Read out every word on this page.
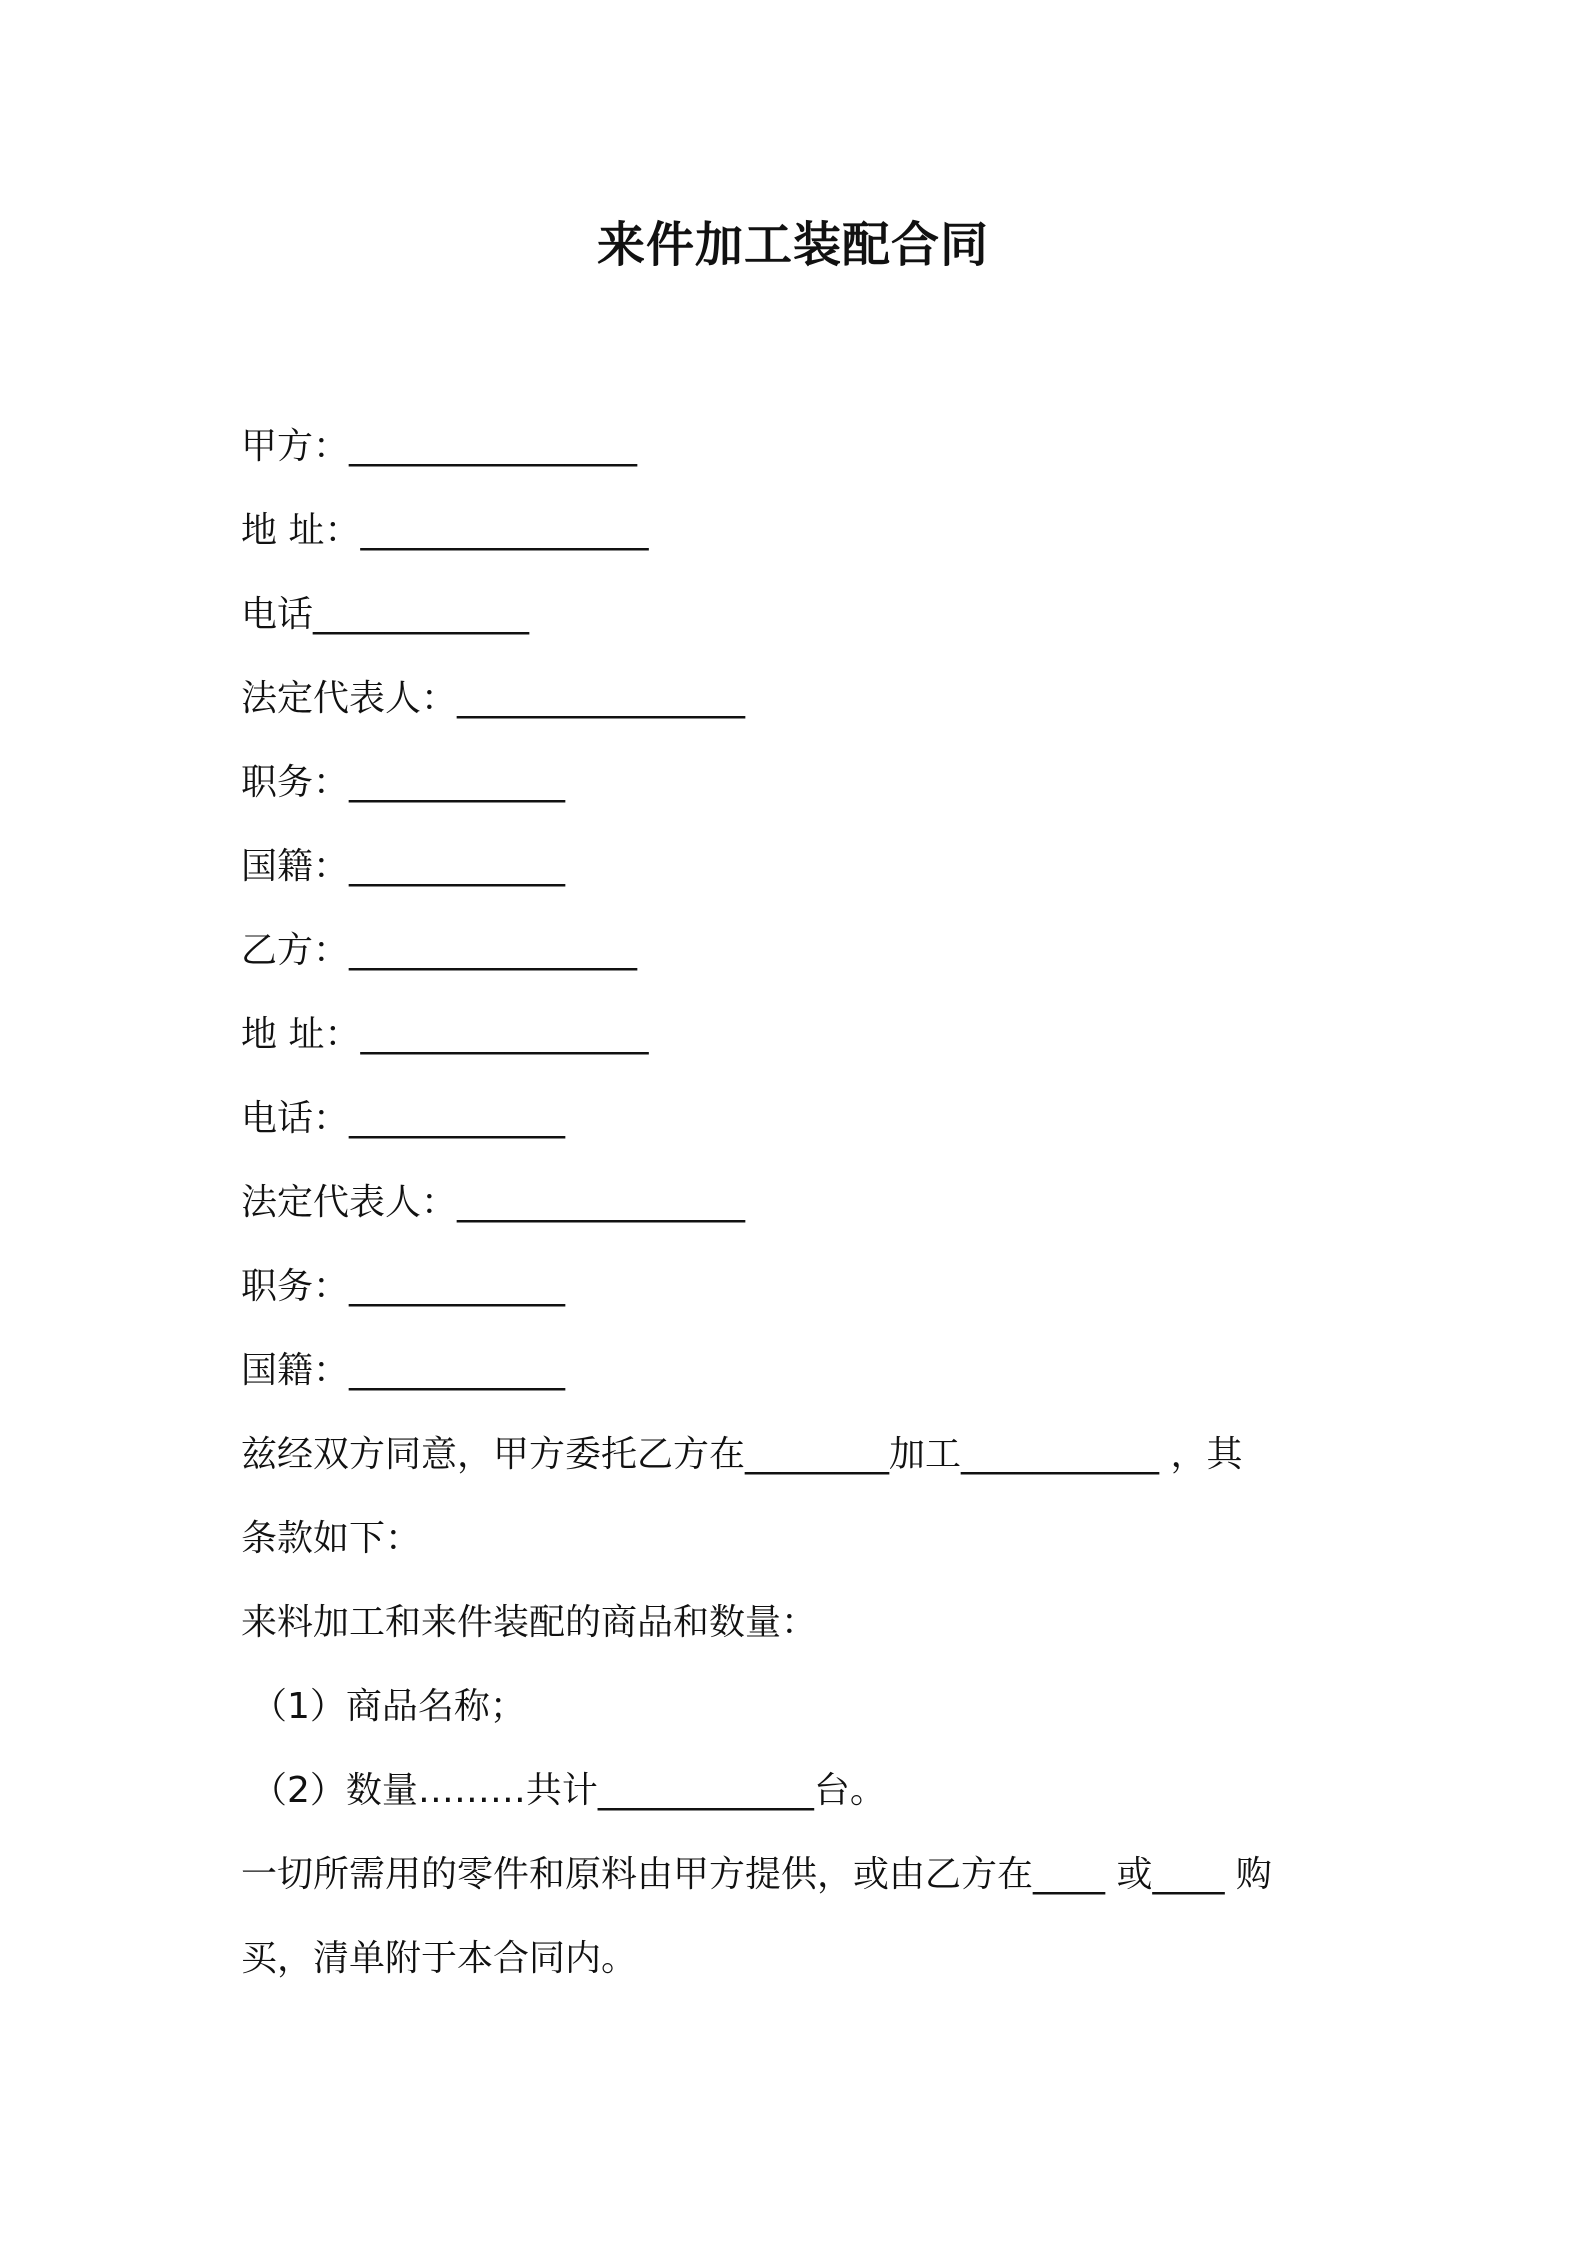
来件加工装配合同
甲方：________________
地 址：________________
电话____________
法定代表人：________________
职务：____________
国籍：____________
乙方：________________
地 址：________________
电话：____________
法定代表人：________________
职务：____________
国籍：____________
兹经双方同意，甲方委托乙方在________加工___________ ，其
条款如下：
来料加工和来件装配的商品和数量：
（1）商品名称；
（2）数量………共计____________台。
一切所需用的零件和原料由甲方提供，或由乙方在____ 或____ 购
买，清单附于本合同内。
